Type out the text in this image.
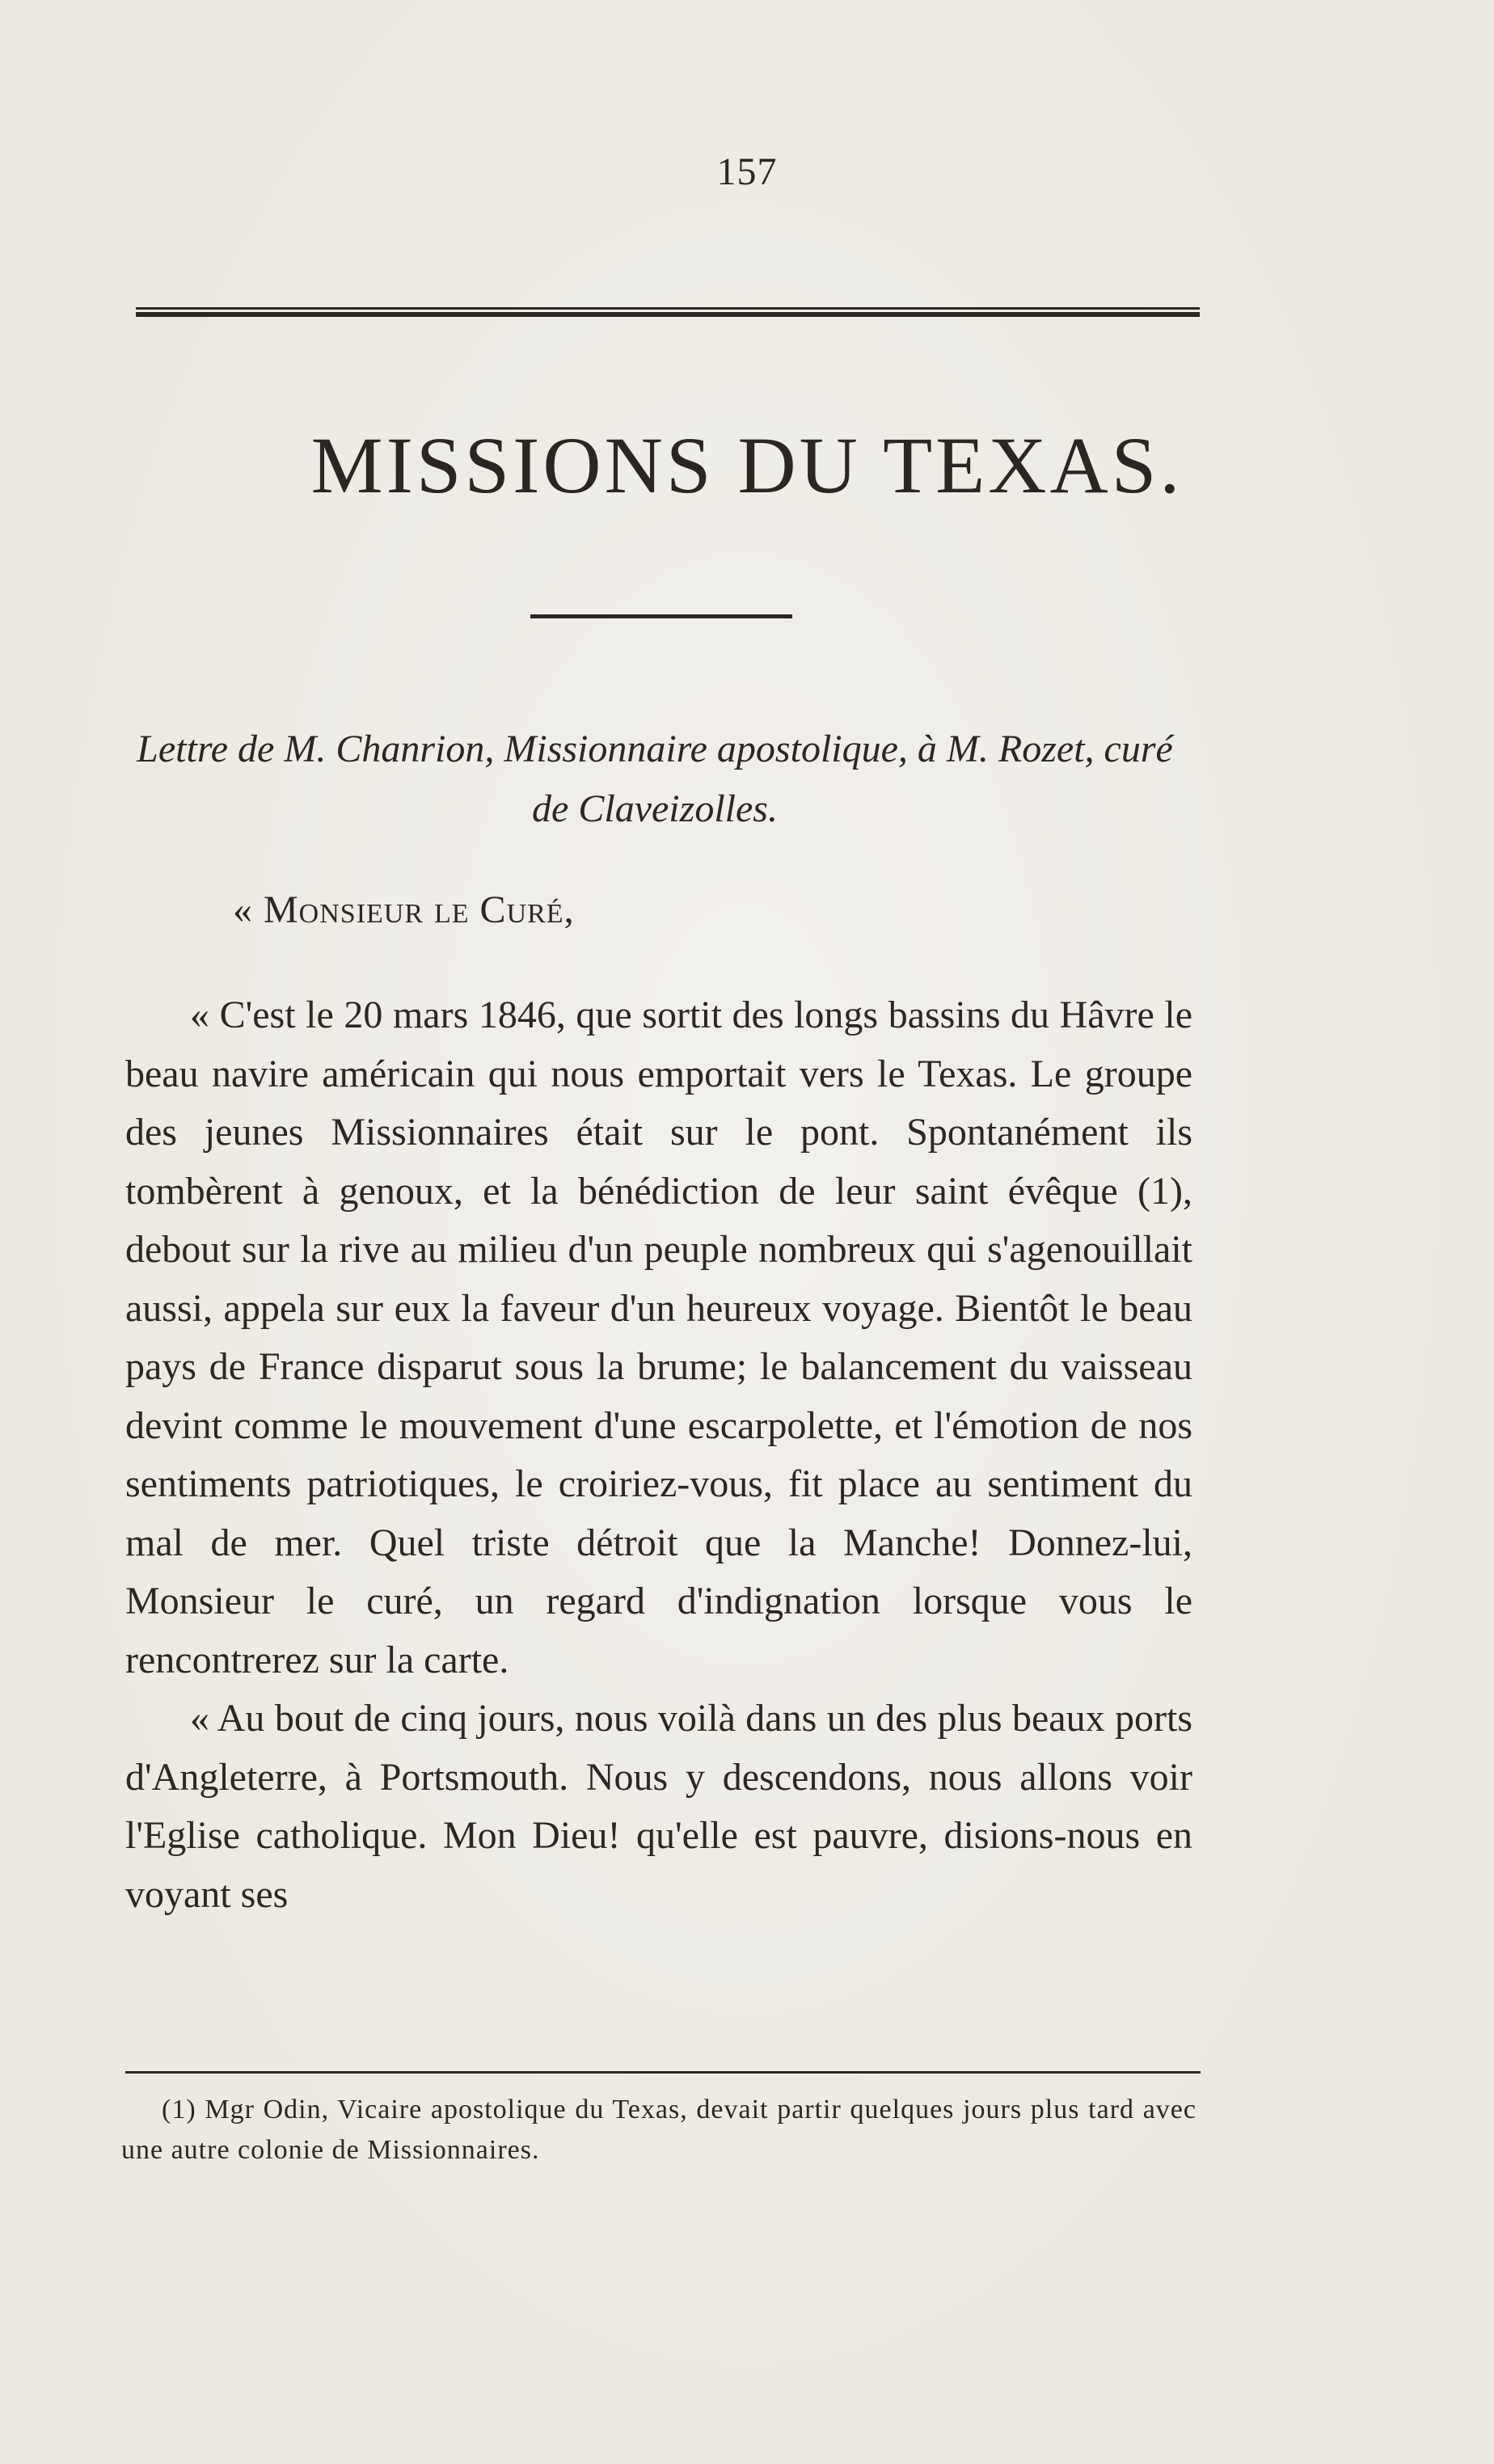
157
MISSIONS DU TEXAS.
Lettre de M. Chanrion, Missionnaire apostolique, à M. Rozet, curé de Claveizolles.
« Monsieur le Curé,

« C'est le 20 mars 1846, que sortit des longs bassins du Hâvre le beau navire américain qui nous emportait vers le Texas. Le groupe des jeunes Missionnaires était sur le pont. Spontanément ils tombèrent à genoux, et la bénédiction de leur saint évêque (1), debout sur la rive au milieu d'un peuple nombreux qui s'agenouillait aussi, appela sur eux la faveur d'un heureux voyage. Bientôt le beau pays de France disparut sous la brume; le balancement du vaisseau devint comme le mouvement d'une escarpolette, et l'émotion de nos sentiments patriotiques, le croiriez-vous, fit place au sentiment du mal de mer. Quel triste détroit que la Manche! Donnez-lui, Monsieur le curé, un regard d'indignation lorsque vous le rencontrerez sur la carte.

« Au bout de cinq jours, nous voilà dans un des plus beaux ports d'Angleterre, à Portsmouth. Nous y descendons, nous allons voir l'Eglise catholique. Mon Dieu! qu'elle est pauvre, disions-nous en voyant ses

(1) Mgr Odin, Vicaire apostolique du Texas, devait partir quelques jours plus tard avec une autre colonie de Missionnaires.
